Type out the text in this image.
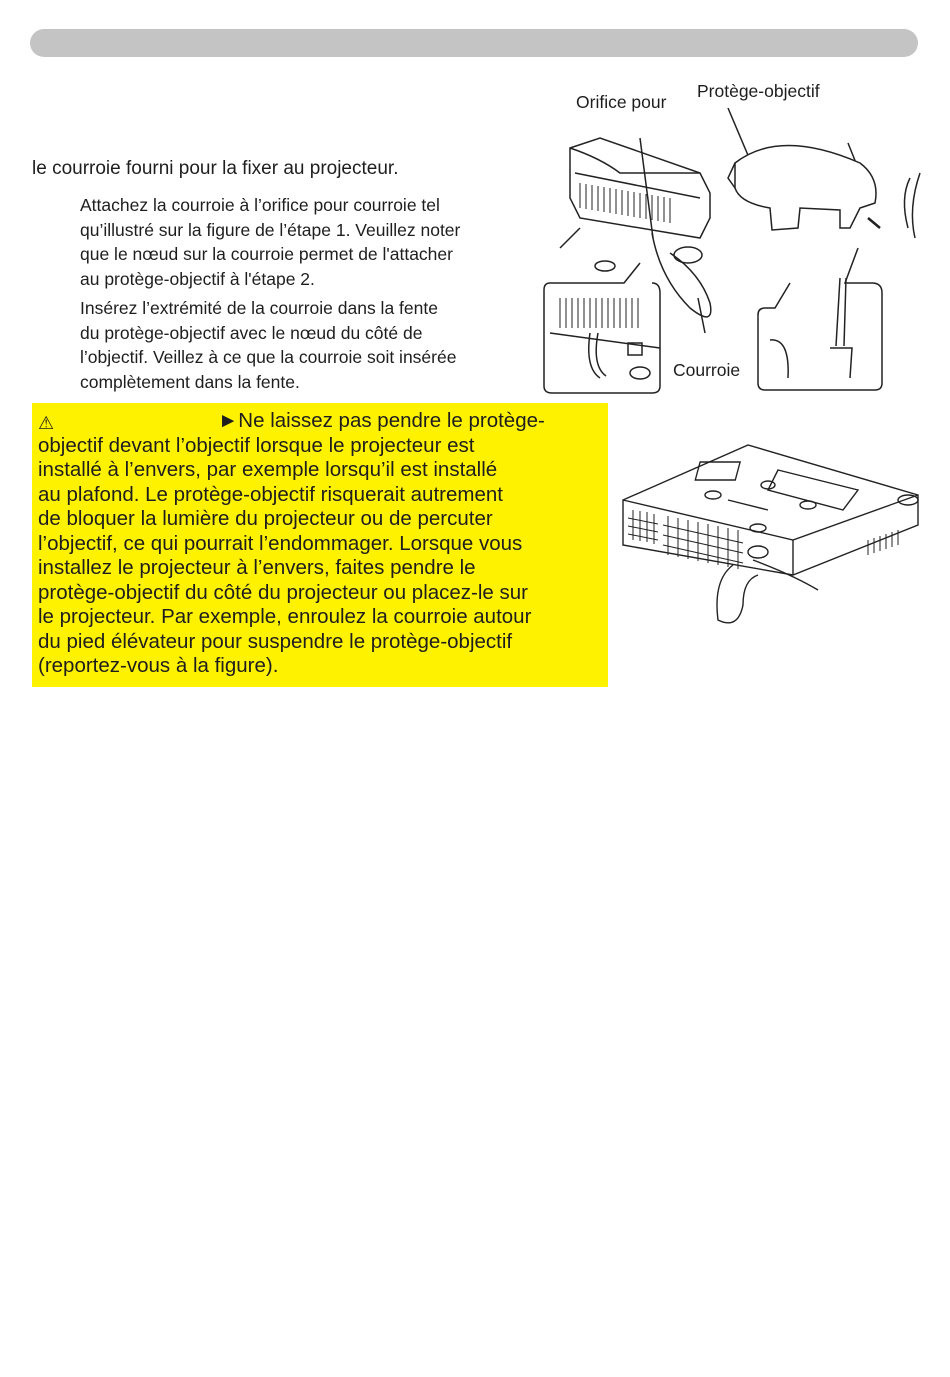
le courroie fourni pour la fixer au projecteur.
Attachez la courroie à l’orifice pour courroie tel
qu’illustré sur la figure de l’étape 1. Veuillez noter
que le nœud sur la courroie permet de l'attacher
au protège-objectif à l'étape 2.
Insérez l’extrémité de la courroie dans la fente
du protège-objectif avec le nœud du côté de
l’objectif. Veillez à ce que la courroie soit insérée
complètement dans la fente.
Orifice pour
Protège-objectif
Courroie
⚠	►Ne laissez pas pendre le protège-
objectif devant l’objectif lorsque le projecteur est
installé à l’envers, par exemple lorsqu’il est installé
au plafond. Le protège-objectif risquerait autrement
de bloquer la lumière du projecteur ou de percuter
l’objectif, ce qui pourrait l’endommager. Lorsque vous
installez le projecteur à l’envers, faites pendre le
protège-objectif du côté du projecteur ou placez-le sur
le projecteur. Par exemple, enroulez la courroie autour
du pied élévateur pour suspendre le protège-objectif
(reportez-vous à la figure).
